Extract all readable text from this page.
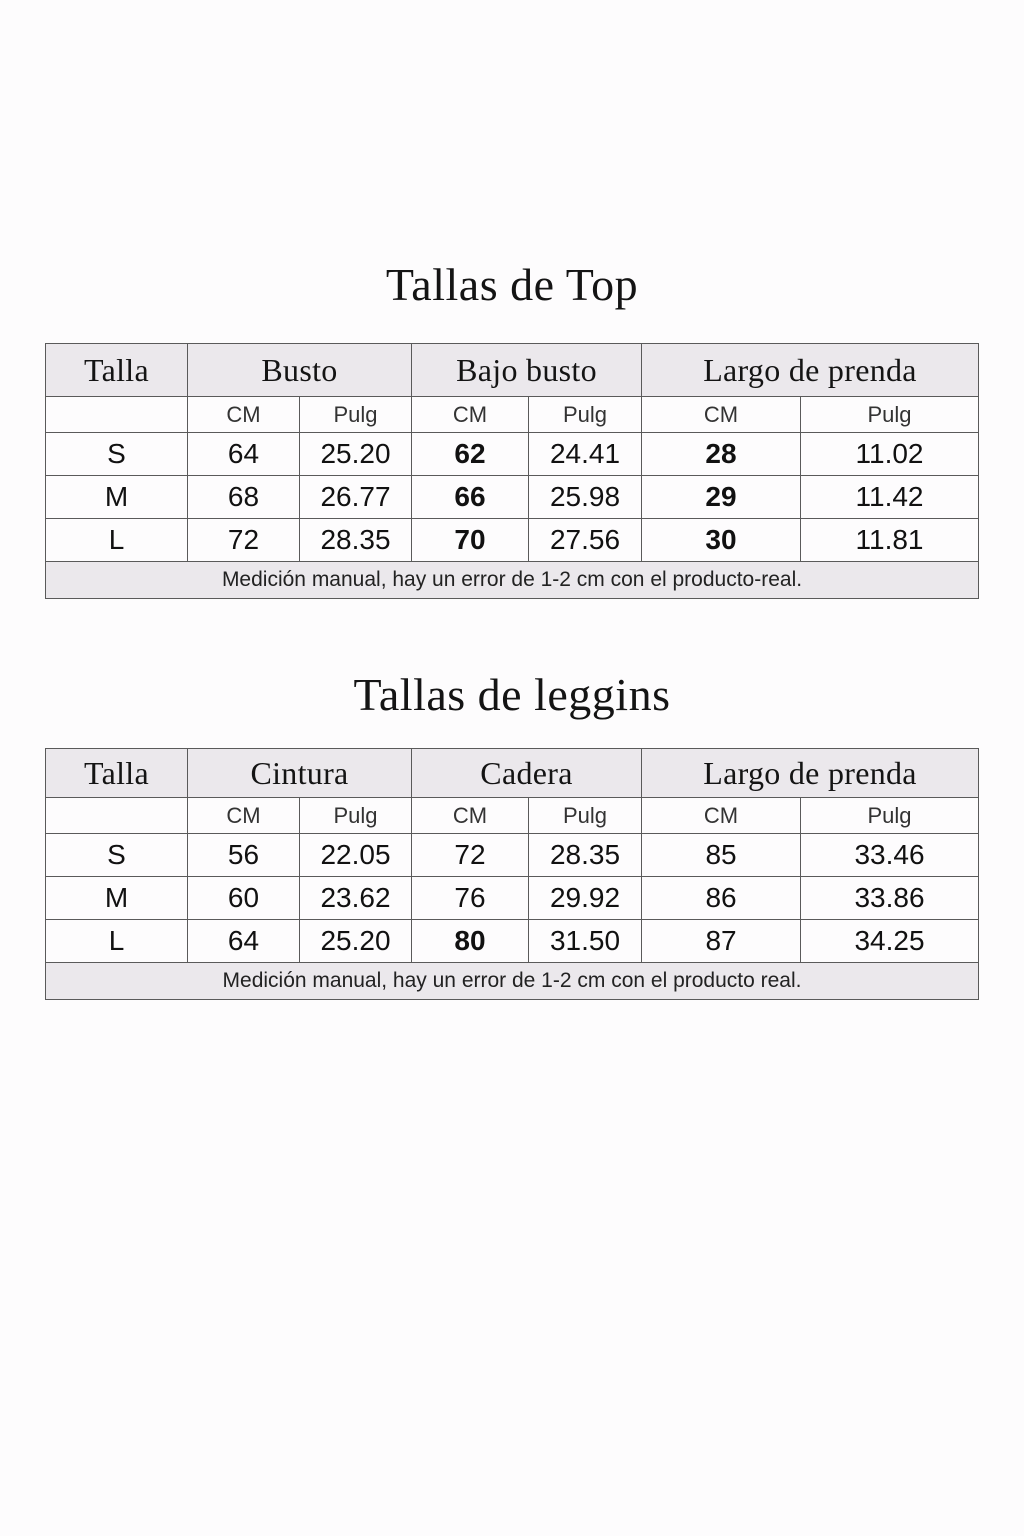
Tallas de Top
Talla	Busto		Bajo busto		Largo de prenda	
	CM	Pulg	CM	Pulg	CM	Pulg
S	64	25.20	62	24.41	28	11.02
M	68	26.77	66	25.98	29	11.42
L	72	28.35	70	27.56	30	11.81
Medición manual, hay un error de 1-2 cm con el producto-real.						
Tallas de leggins
Talla	Cintura		Cadera		Largo de prenda	
	CM	Pulg	CM	Pulg	CM	Pulg
S	56	22.05	72	28.35	85	33.46
M	60	23.62	76	29.92	86	33.86
L	64	25.20	80	31.50	87	34.25
Medición manual, hay un error de 1-2 cm con el producto real.						
